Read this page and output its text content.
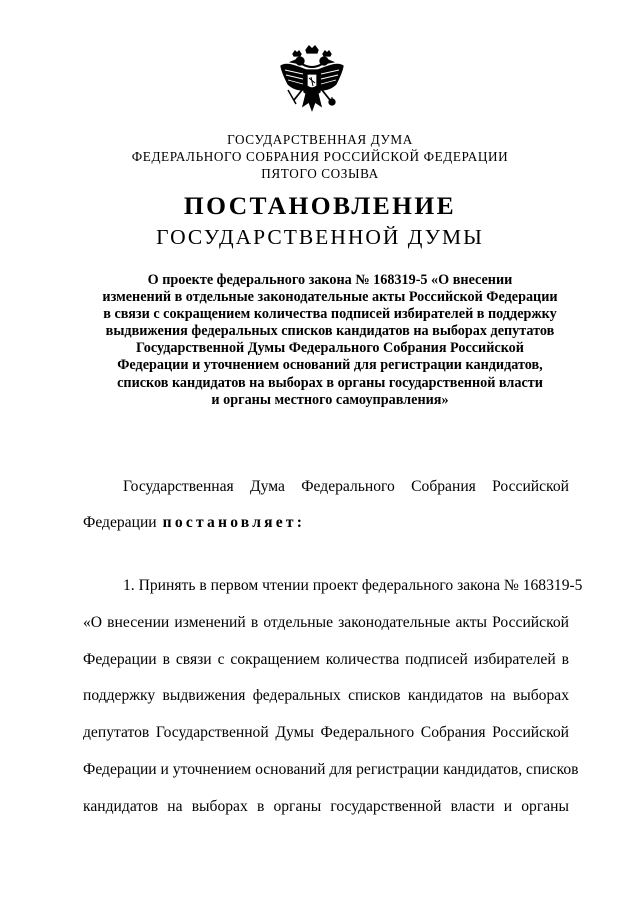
ГОСУДАРСТВЕННАЯ ДУМА
ФЕДЕРАЛЬНОГО СОБРАНИЯ РОССИЙСКОЙ ФЕДЕРАЦИИ
ПЯТОГО СОЗЫВА
ПОСТАНОВЛЕНИЕ
ГОСУДАРСТВЕННОЙ ДУМЫ
О проекте федерального закона № 168319-5 «О внесении
изменений в отдельные законодательные акты Российской Федерации
в связи с сокращением количества подписей избирателей в поддержку
выдвижения федеральных списков кандидатов на выборах депутатов
Государственной Думы Федерального Собрания Российской
Федерации и уточнением оснований для регистрации кандидатов,
списков кандидатов на выборах в органы государственной власти
и органы местного самоуправления»
Государственная Дума Федерального Собрания Российской
Федерации постановляет:
1. Принять в первом чтении проект федерального закона № 168319-5
«О внесении изменений в отдельные законодательные акты Российской
Федерации в связи с сокращением количества подписей избирателей в
поддержку выдвижения федеральных списков кандидатов на выборах
депутатов Государственной Думы Федерального Собрания Российской
Федерации и уточнением оснований для регистрации кандидатов, списков
кандидатов на выборах в органы государственной власти и органы
